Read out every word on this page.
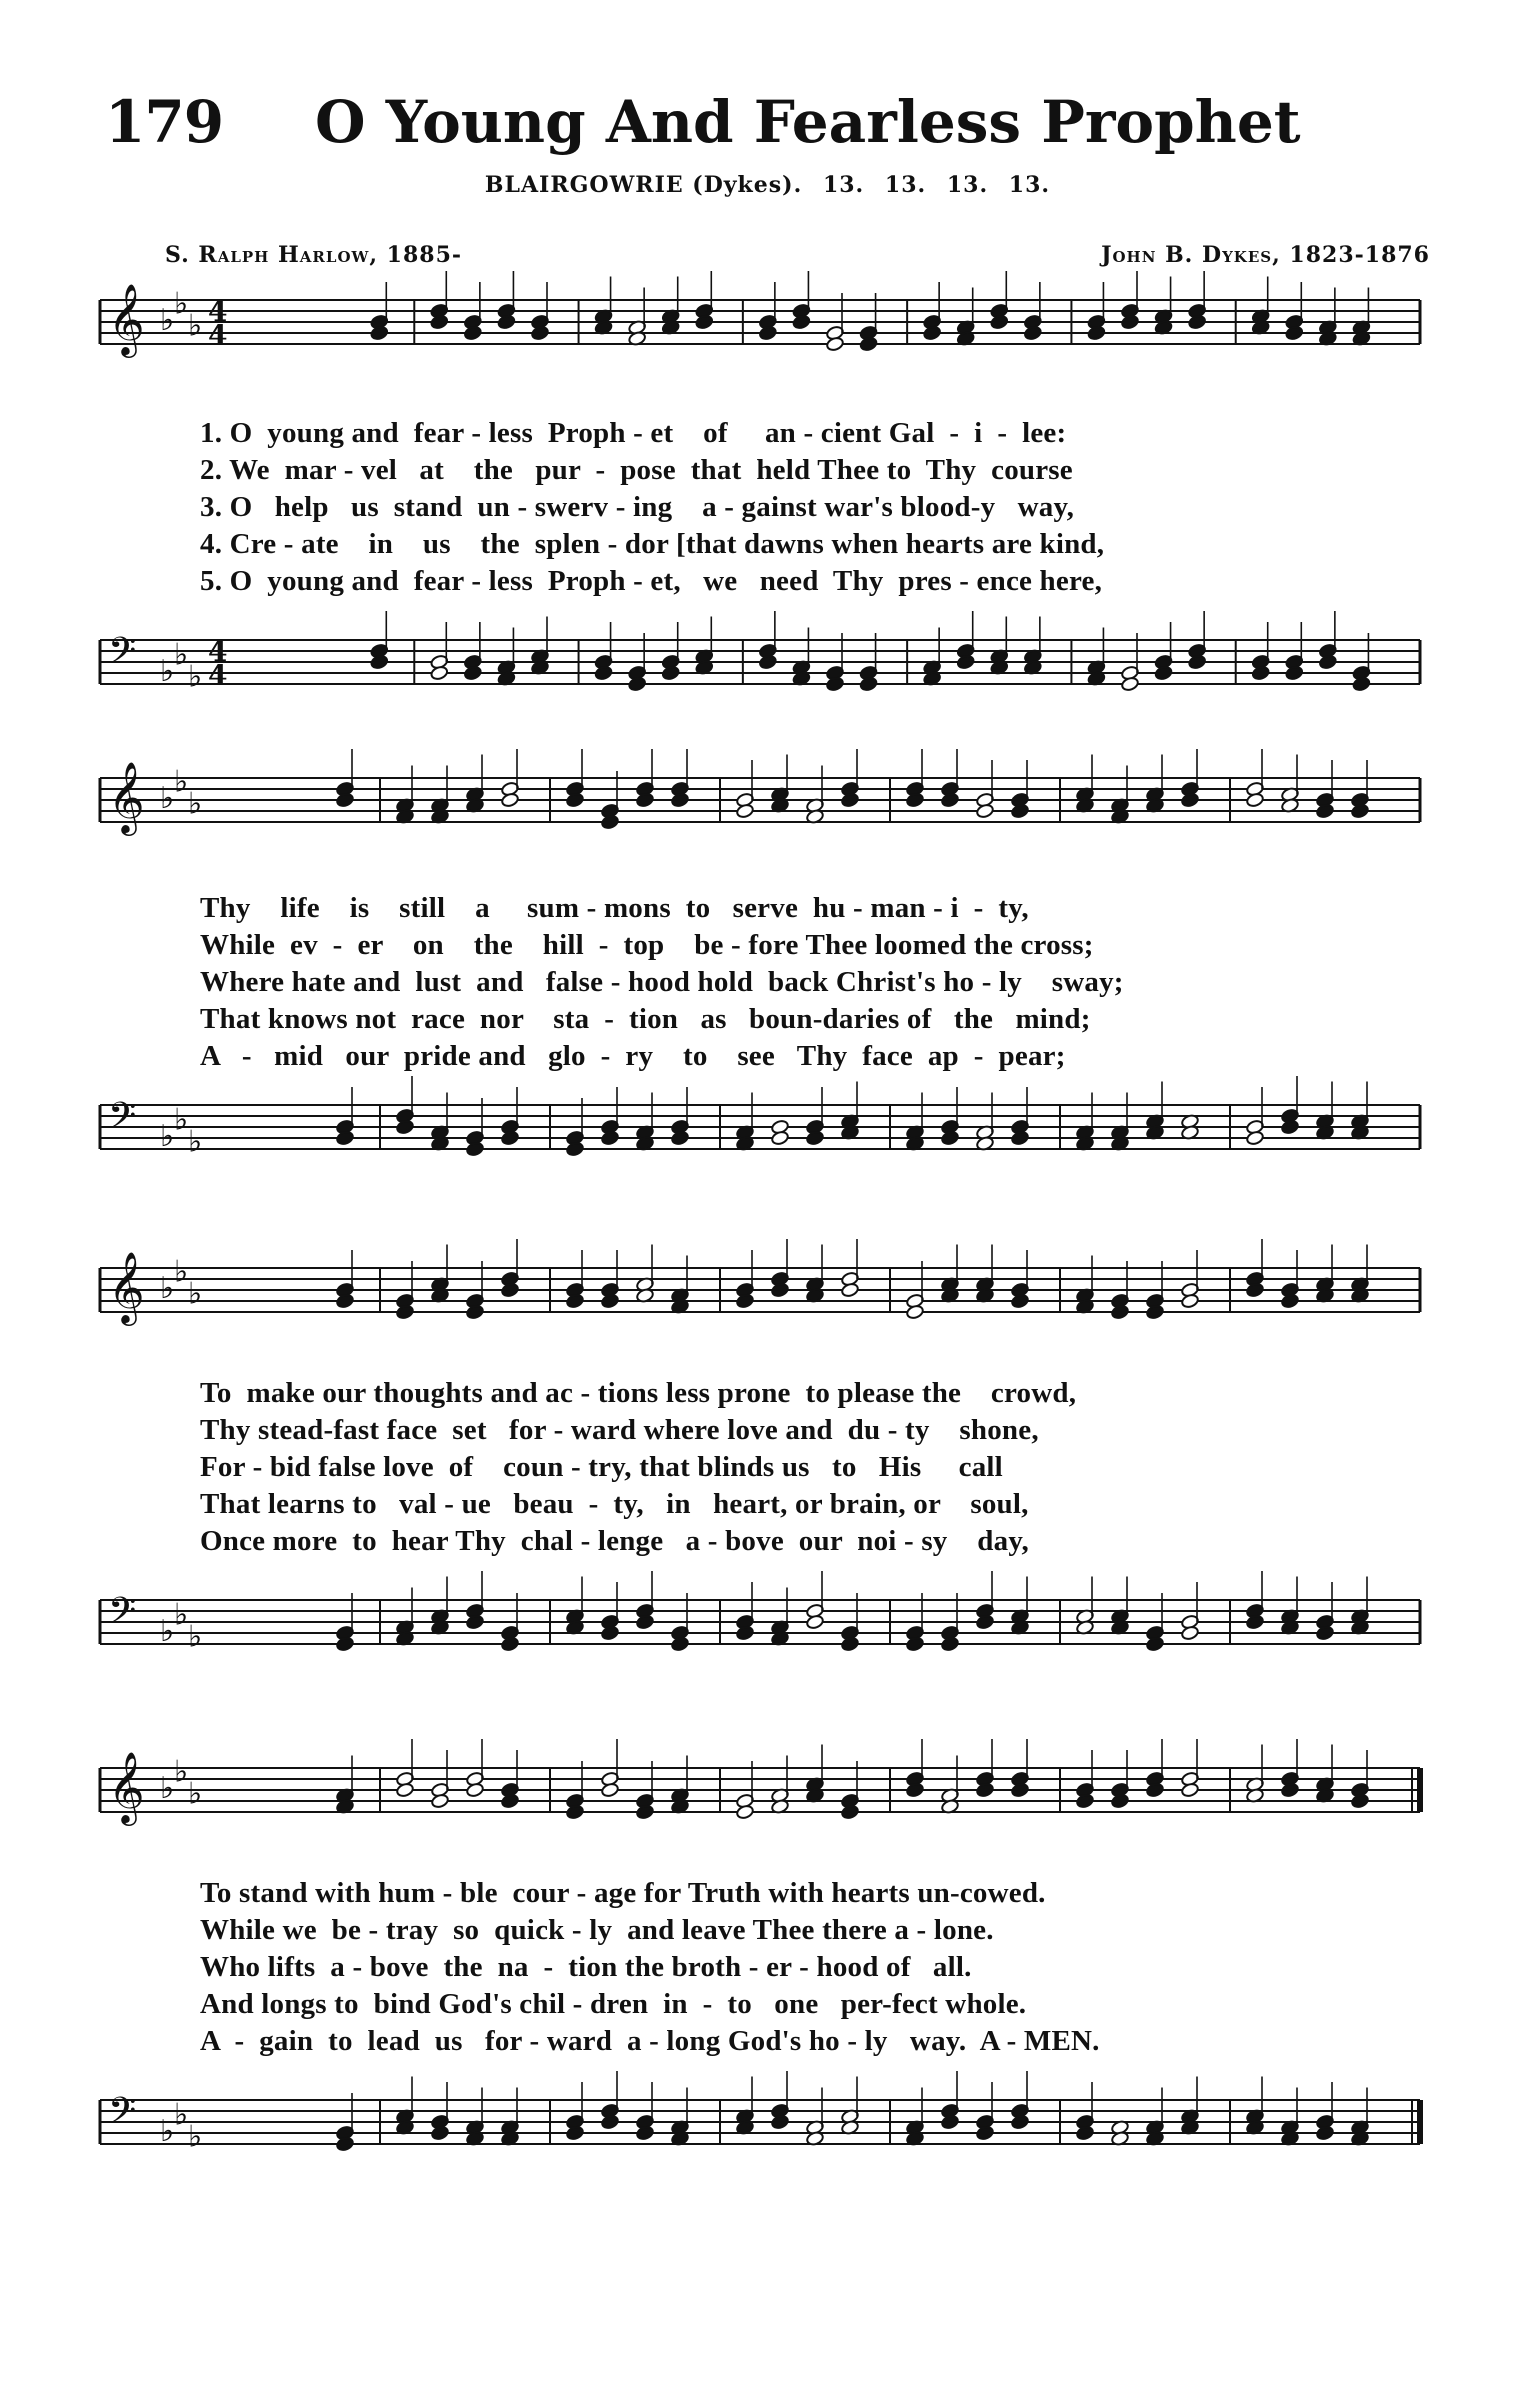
179 O Young And Fearless Prophet
BLAIRGOWRIE (Dykes). 13. 13. 13. 13.
S. Ralph Harlow, 1885-	John B. Dykes, 1823-1876
𝄞 ♭ ♭
♭ 4
4
𝄢 ♭ ♭
♭
4
4
1. O  young and  fear - less  Proph - et    of     an - cient Gal  -  i  -  lee:
2. We  mar - vel   at    the   pur  -  pose  that  held Thee to  Thy  course
3. O   help   us  stand  un - swerv - ing    a - gainst war's blood-y   way,
4. Cre - ate    in    us    the  splen - dor [that dawns when hearts are kind,
5. O  young and  fear - less  Proph - et,   we   need  Thy  pres - ence here,
𝄞 ♭ ♭
♭
𝄢 ♭ ♭
♭
Thy    life    is    still    a     sum - mons  to   serve  hu - man - i  -  ty,
While  ev  -  er    on    the    hill  -  top    be - fore Thee loomed the cross;
Where hate and  lust  and   false - hood hold  back Christ's ho - ly    sway;
That knows not  race  nor    sta  -  tion   as   boun-daries of   the   mind;
A   -   mid   our  pride and   glo  -  ry    to    see   Thy  face  ap  -  pear;
𝄞 ♭ ♭
♭
𝄢 ♭ ♭
♭
To  make our thoughts and ac - tions less prone  to please the    crowd,
Thy stead-fast face  set   for - ward where love and  du - ty    shone,
For - bid false love  of    coun - try, that blinds us   to   His     call
That learns to   val - ue   beau  -  ty,   in   heart, or brain, or    soul,
Once more  to  hear Thy  chal - lenge   a - bove  our  noi - sy    day,
𝄞 ♭ ♭
♭
𝄢 ♭ ♭
♭
To stand with hum - ble  cour - age for Truth with hearts un-cowed.
While we  be - tray  so  quick - ly  and leave Thee there a - lone.
Who lifts  a - bove  the  na  -  tion the broth - er - hood of   all.
And longs to  bind God's chil - dren  in  -  to   one   per-fect whole.
A  -  gain  to  lead  us   for - ward  a - long God's ho - ly   way.  A - MEN.
